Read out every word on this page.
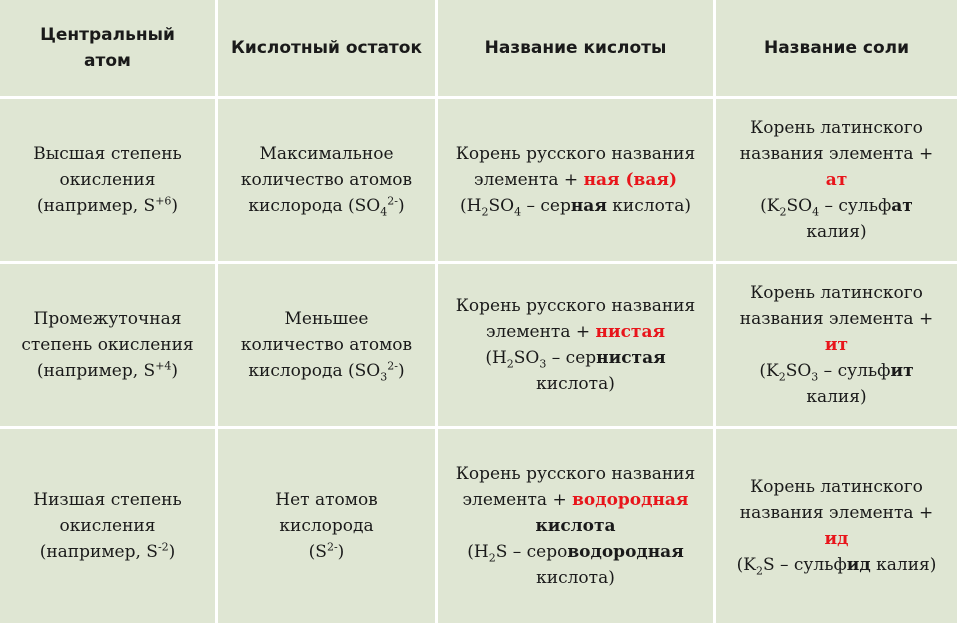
Центральный атом
Кислотный остаток	Название кислоты	Название соли
Высшая степень
окисления
(например, $S^{+6}$)
Максимальное
количество атомов
кислорода $(SO_4^{2-})$
Корень русского названия
элемента + ная (вая)
($H_2SO_4$ – серная кислота)
Корень латинского
названия элемента +
ат
($K_2SO_4$ – сульфат
калия)
Промежуточная
степень окисления
(например, $S^{+4}$)
Меньшее
количество атомов
кислорода $(SO_3^{2-})$
Корень русского названия
элемента + нистая
($H_2SO_3$ – сернистая
кислота)
Корень латинского
названия элемента +
ит
($K_2SO_3$ – сульфит
калия)
Низшая степень
окисления
(например, $S^{-2}$)
Нет атомов
кислорода
$(S^{2-})$
Корень русского названия
элемента + водородная
кислота
($H_2S$ – сероводородная
кислота)
Корень латинского
названия элемента +
ид
($K_2S$ – сульфид калия)
